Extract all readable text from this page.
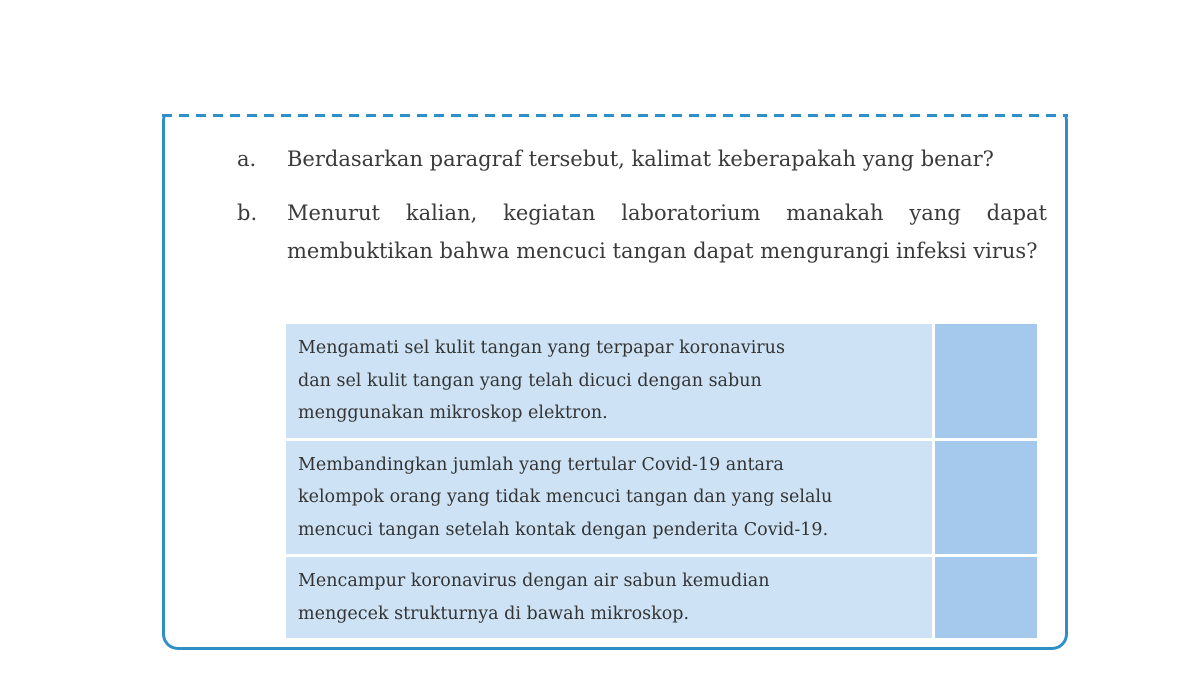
a. Berdasarkan paragraf tersebut, kalimat keberapakah yang benar?
b. Menurut kalian, kegiatan laboratorium manakah yang dapat membuktikan bahwa mencuci tangan dapat mengurangi infeksi virus?
Mengamati sel kulit tangan yang terpapar koronavirus
dan sel kulit tangan yang telah dicuci dengan sabun
menggunakan mikroskop elektron.
Membandingkan jumlah yang tertular Covid-19 antara
kelompok orang yang tidak mencuci tangan dan yang selalu
mencuci tangan setelah kontak dengan penderita Covid-19.
Mencampur koronavirus dengan air sabun kemudian
mengecek strukturnya di bawah mikroskop.
